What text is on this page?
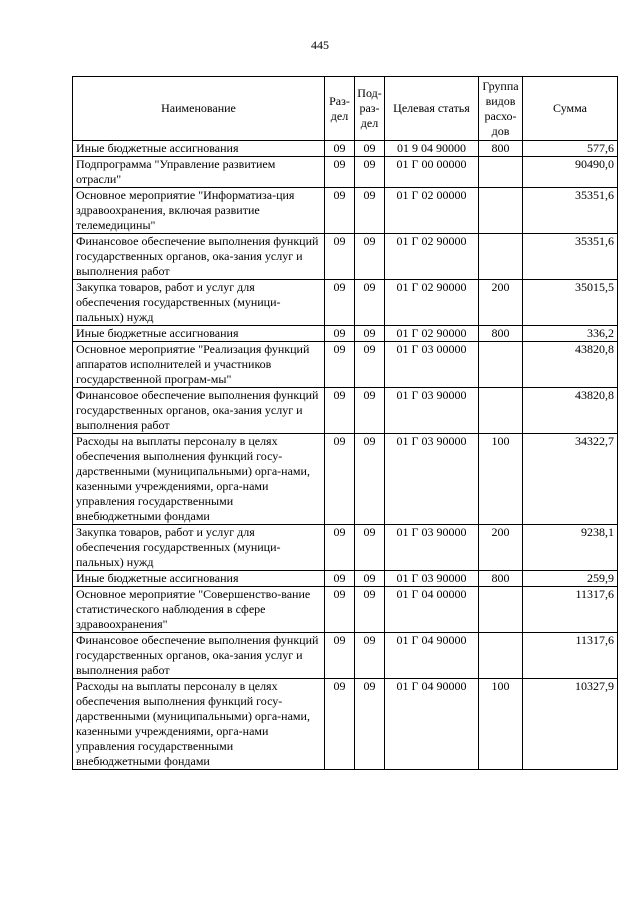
445
Наименование	Раз-дел	Под-раз-дел	Целевая статья	Группа видов расхо-дов	Сумма
Иные бюджетные ассигнования	09	09	01 9 04 90000	800	577,6
Подпрограмма "Управление развитием отрасли"	09	09	01 Г 00 00000		90490,0
Основное мероприятие "Информатиза-ция здравоохранения, включая развитие телемедицины"	09	09	01 Г 02 00000		35351,6
Финансовое обеспечение выполнения функций государственных органов, ока-зания услуг и выполнения работ	09	09	01 Г 02 90000		35351,6
Закупка товаров, работ и услуг для обеспечения государственных (муници-пальных) нужд	09	09	01 Г 02 90000	200	35015,5
Иные бюджетные ассигнования	09	09	01 Г 02 90000	800	336,2
Основное мероприятие "Реализация функций аппаратов исполнителей и участников государственной програм-мы"	09	09	01 Г 03 00000		43820,8
Финансовое обеспечение выполнения функций государственных органов, ока-зания услуг и выполнения работ	09	09	01 Г 03 90000		43820,8
Расходы на выплаты персоналу в целях обеспечения выполнения функций госу-дарственными (муниципальными) орга-нами, казенными учреждениями, орга-нами управления государственными внебюджетными фондами	09	09	01 Г 03 90000	100	34322,7
Закупка товаров, работ и услуг для обеспечения государственных (муници-пальных) нужд	09	09	01 Г 03 90000	200	9238,1
Иные бюджетные ассигнования	09	09	01 Г 03 90000	800	259,9
Основное мероприятие "Совершенство-вание статистического наблюдения в сфере здравоохранения"	09	09	01 Г 04 00000		11317,6
Финансовое обеспечение выполнения функций государственных органов, ока-зания услуг и выполнения работ	09	09	01 Г 04 90000		11317,6
Расходы на выплаты персоналу в целях обеспечения выполнения функций госу-дарственными (муниципальными) орга-нами, казенными учреждениями, орга-нами управления государственными внебюджетными фондами	09	09	01 Г 04 90000	100	10327,9
